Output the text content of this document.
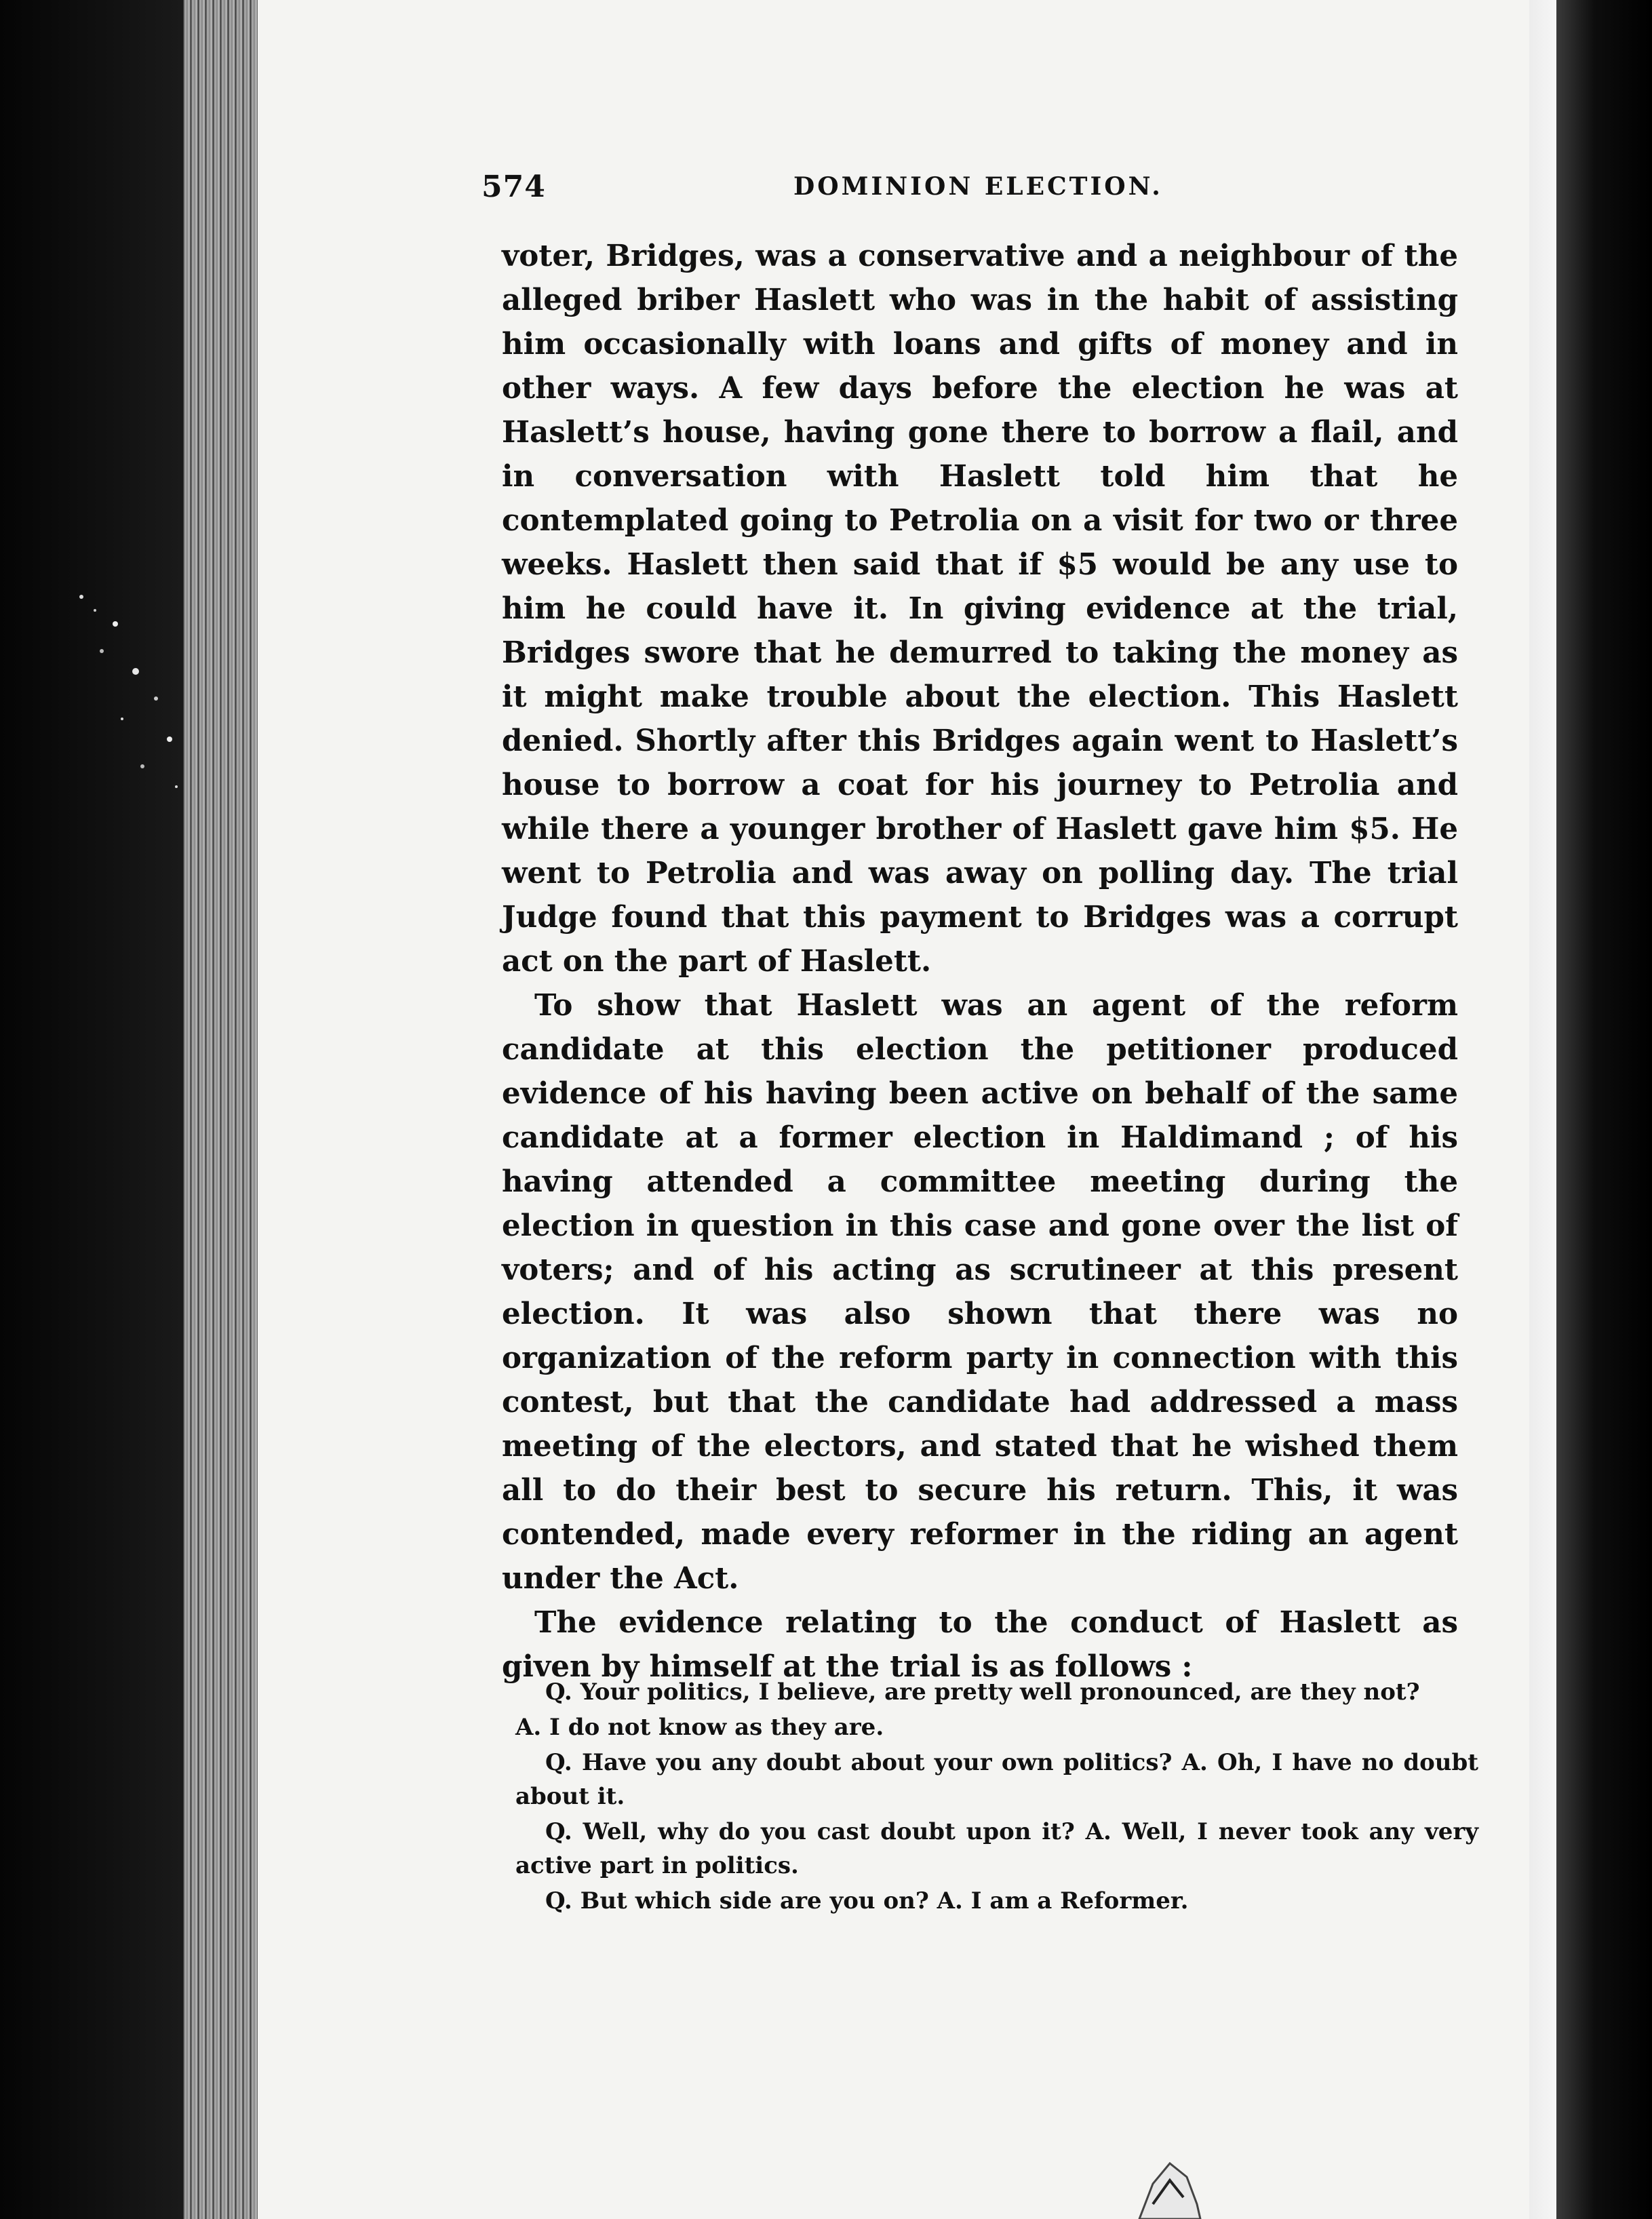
574	DOMINION ELECTION.

voter, Bridges, was a conservative and a neighbour of the alleged briber Haslett who was in the habit of assisting him occasionally with loans and gifts of money and in other ways. A few days before the election he was at Haslett’s house, having gone there to borrow a flail, and in conversation with Haslett told him that he contemplated going to Petrolia on a visit for two or three weeks. Haslett then said that if $5 would be any use to him he could have it. In giving evidence at the trial, Bridges swore that he demurred to taking the money as it might make trouble about the election. This Haslett denied. Shortly after this Bridges again went to Haslett’s house to borrow a coat for his journey to Petrolia and while there a younger brother of Haslett gave him $5. He went to Petrolia and was away on polling day. The trial Judge found that this payment to Bridges was a corrupt act on the part of Haslett.

To show that Haslett was an agent of the reform candidate at this election the petitioner produced evidence of his having been active on behalf of the same candidate at a former election in Haldimand ; of his having attended a committee meeting during the election in question in this case and gone over the list of voters; and of his acting as scrutineer at this present election. It was also shown that there was no organization of the reform party in connection with this contest, but that the candidate had addressed a mass meeting of the electors, and stated that he wished them all to do their best to secure his return. This, it was contended, made every reformer in the riding an agent under the Act.

The evidence relating to the conduct of Haslett as given by himself at the trial is as follows :

Q. Your politics, I believe, are pretty well pronounced, are they not?

A. I do not know as they are.

Q. Have you any doubt about your own politics? A. Oh, I have no doubt about it.

Q. Well, why do you cast doubt upon it? A. Well, I never took any very active part in politics.

Q. But which side are you on? A. I am a Reformer.
